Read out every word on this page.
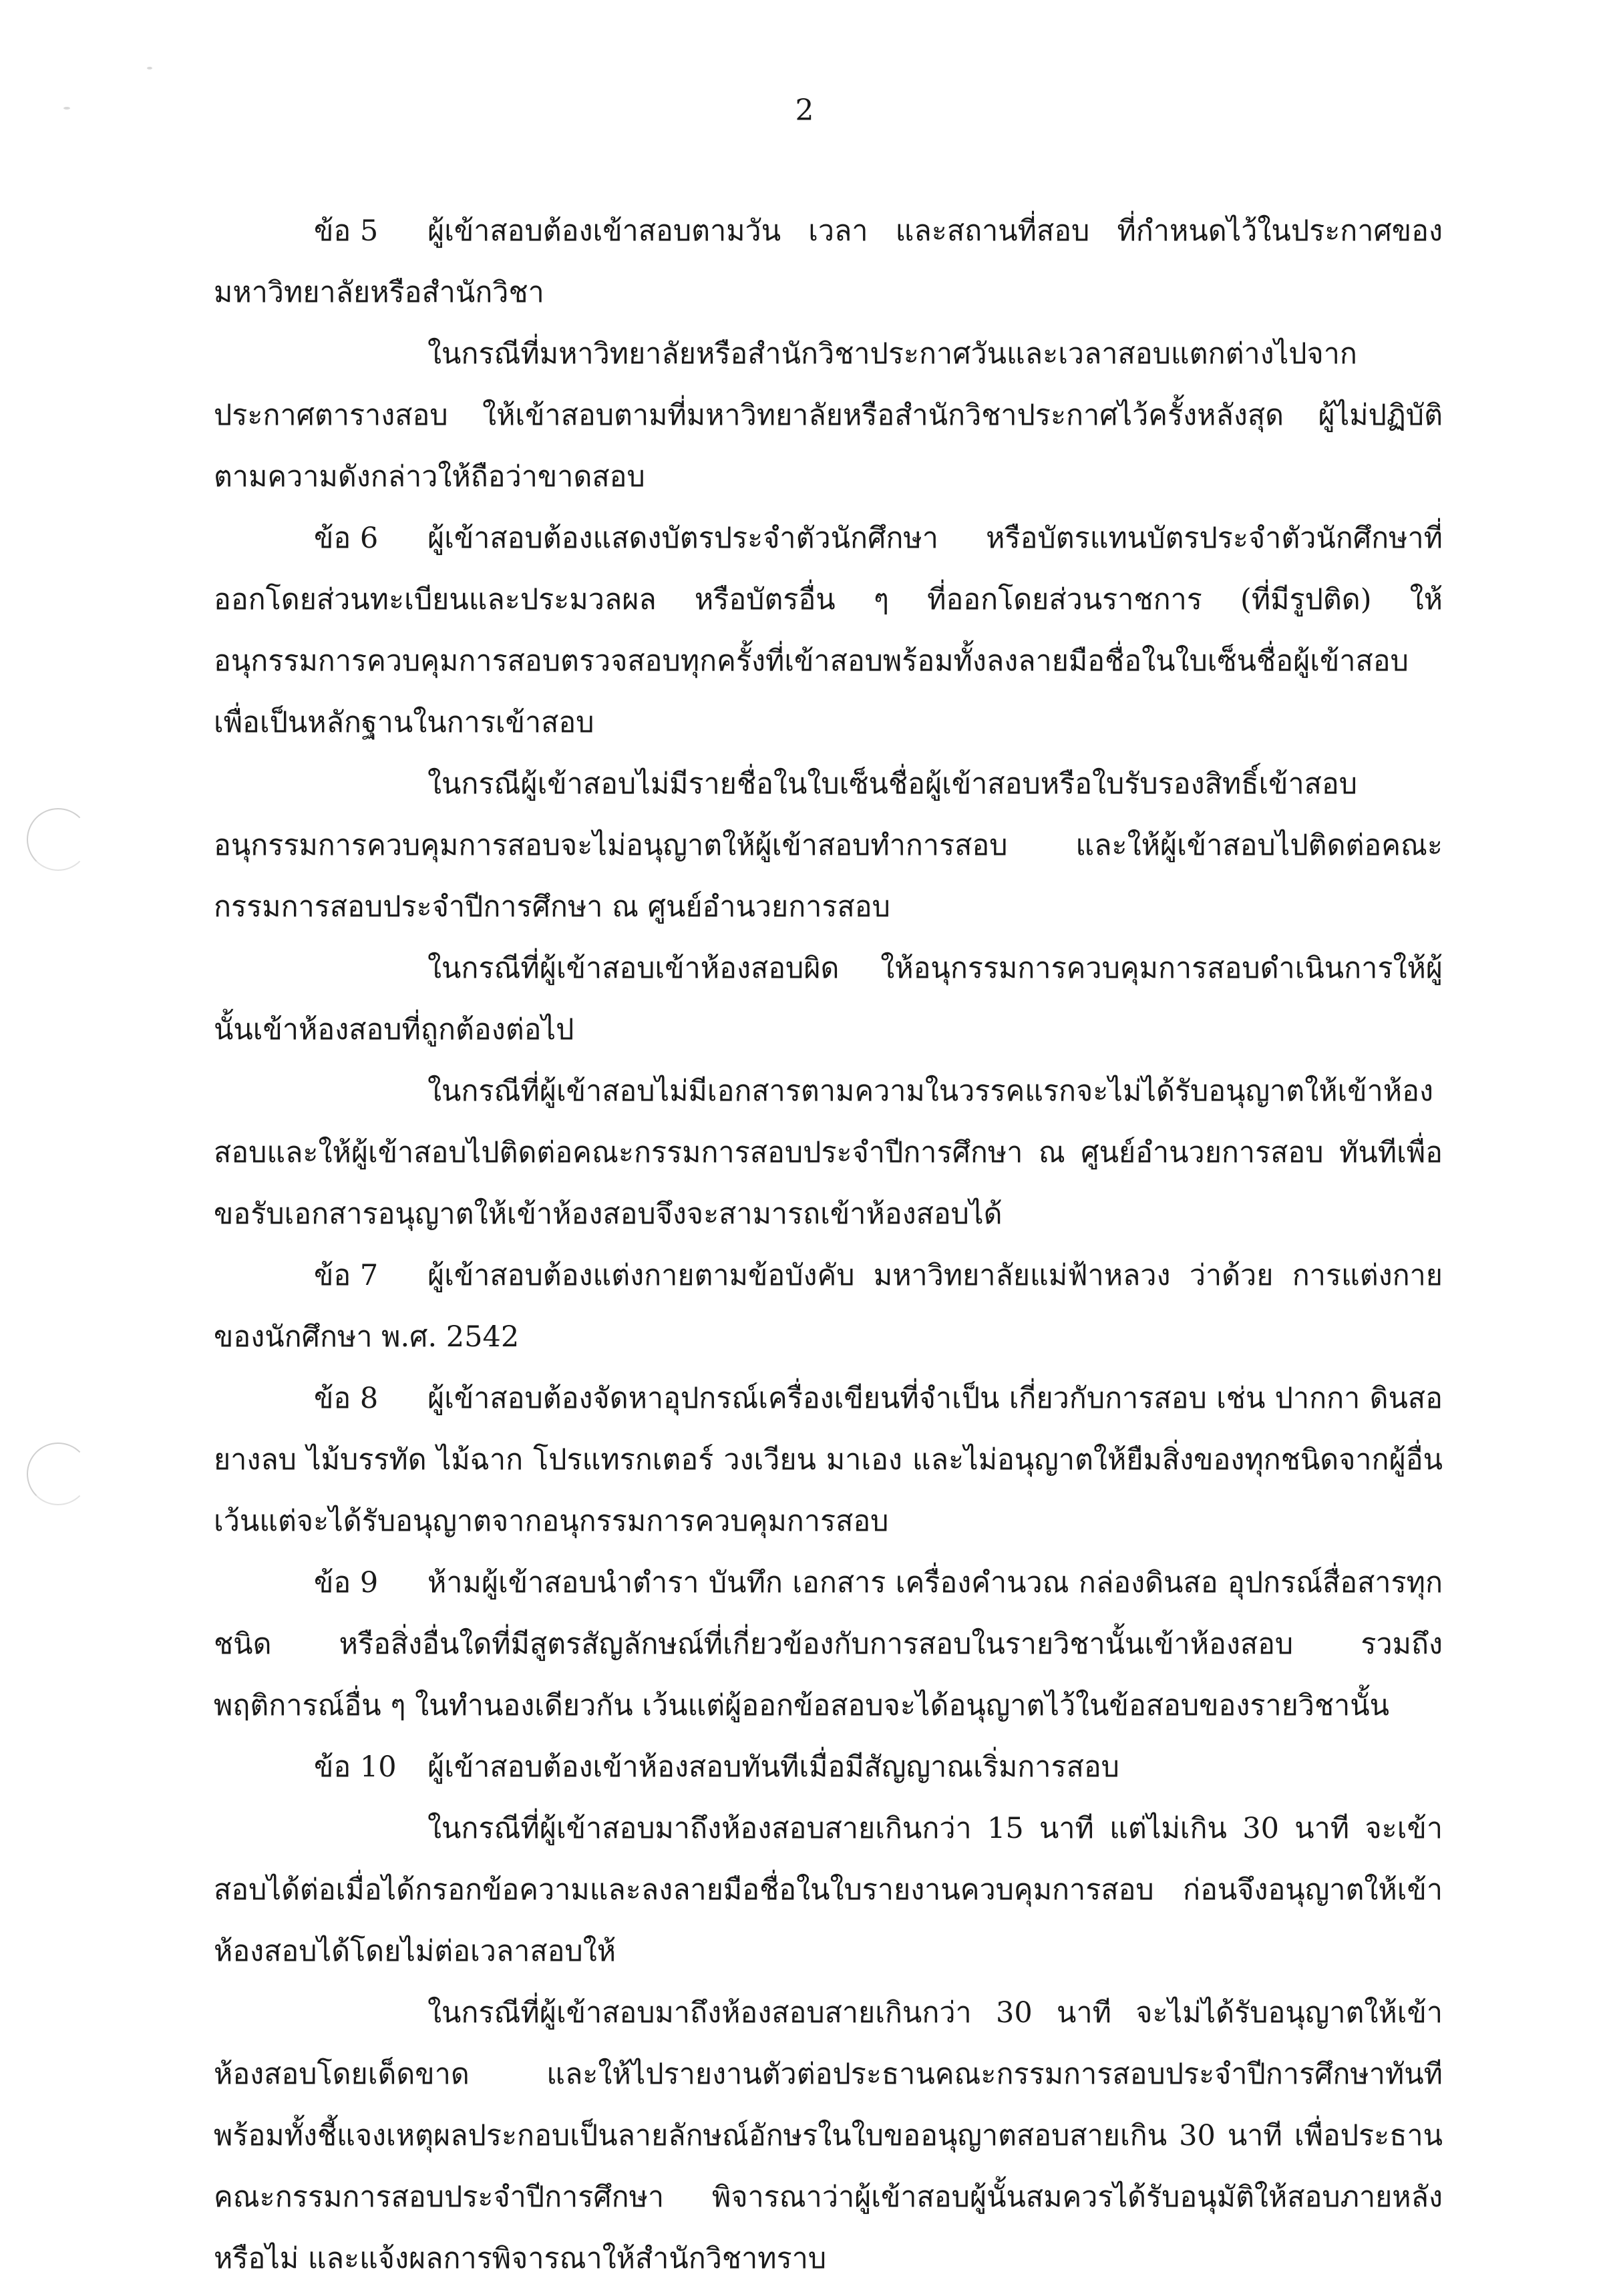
2

ข้อ 5 ผู้เข้าสอบต้องเข้าสอบตามวัน เวลา และสถานที่สอบ ที่กำหนดไว้ในประกาศของมหาวิทยาลัยหรือสำนักวิชา

ในกรณีที่มหาวิทยาลัยหรือสำนักวิชาประกาศวันและเวลาสอบแตกต่างไปจากประกาศตารางสอบ ให้เข้าสอบตามที่มหาวิทยาลัยหรือสำนักวิชาประกาศไว้ครั้งหลังสุด ผู้ไม่ปฏิบัติตามความดังกล่าวให้ถือว่าขาดสอบ

ข้อ 6 ผู้เข้าสอบต้องแสดงบัตรประจำตัวนักศึกษา หรือบัตรแทนบัตรประจำตัวนักศึกษาที่ออกโดยส่วนทะเบียนและประมวลผล หรือบัตรอื่น ๆ ที่ออกโดยส่วนราชการ (ที่มีรูปติด) ให้อนุกรรมการควบคุมการสอบตรวจสอบทุกครั้งที่เข้าสอบพร้อมทั้งลงลายมือชื่อในใบเซ็นชื่อผู้เข้าสอบ เพื่อเป็นหลักฐานในการเข้าสอบ

ในกรณีผู้เข้าสอบไม่มีรายชื่อในใบเซ็นชื่อผู้เข้าสอบหรือใบรับรองสิทธิ์เข้าสอบอนุกรรมการควบคุมการสอบจะไม่อนุญาตให้ผู้เข้าสอบทำการสอบ และให้ผู้เข้าสอบไปติดต่อคณะกรรมการสอบประจำปีการศึกษา ณ ศูนย์อำนวยการสอบ

ในกรณีที่ผู้เข้าสอบเข้าห้องสอบผิด ให้อนุกรรมการควบคุมการสอบดำเนินการให้ผู้นั้นเข้าห้องสอบที่ถูกต้องต่อไป

ในกรณีที่ผู้เข้าสอบไม่มีเอกสารตามความในวรรคแรกจะไม่ได้รับอนุญาตให้เข้าห้องสอบและให้ผู้เข้าสอบไปติดต่อคณะกรรมการสอบประจำปีการศึกษา ณ ศูนย์อำนวยการสอบ ทันทีเพื่อขอรับเอกสารอนุญาตให้เข้าห้องสอบจึงจะสามารถเข้าห้องสอบได้

ข้อ 7 ผู้เข้าสอบต้องแต่งกายตามข้อบังคับ มหาวิทยาลัยแม่ฟ้าหลวง ว่าด้วย การแต่งกายของนักศึกษา พ.ศ. 2542

ข้อ 8 ผู้เข้าสอบต้องจัดหาอุปกรณ์เครื่องเขียนที่จำเป็น เกี่ยวกับการสอบ เช่น ปากกา ดินสอ ยางลบ ไม้บรรทัด ไม้ฉาก โปรแทรกเตอร์ วงเวียน มาเอง และไม่อนุญาตให้ยืมสิ่งของทุกชนิดจากผู้อื่น เว้นแต่จะได้รับอนุญาตจากอนุกรรมการควบคุมการสอบ

ข้อ 9 ห้ามผู้เข้าสอบนำตำรา บันทึก เอกสาร เครื่องคำนวณ กล่องดินสอ อุปกรณ์สื่อสารทุกชนิด หรือสิ่งอื่นใดที่มีสูตรสัญลักษณ์ที่เกี่ยวข้องกับการสอบในรายวิชานั้นเข้าห้องสอบ รวมถึงพฤติการณ์อื่น ๆ ในทำนองเดียวกัน เว้นแต่ผู้ออกข้อสอบจะได้อนุญาตไว้ในข้อสอบของรายวิชานั้น

ข้อ 10 ผู้เข้าสอบต้องเข้าห้องสอบทันทีเมื่อมีสัญญาณเริ่มการสอบ

ในกรณีที่ผู้เข้าสอบมาถึงห้องสอบสายเกินกว่า 15 นาที แต่ไม่เกิน 30 นาที จะเข้าสอบได้ต่อเมื่อได้กรอกข้อความและลงลายมือชื่อในใบรายงานควบคุมการสอบ ก่อนจึงอนุญาตให้เข้าห้องสอบได้โดยไม่ต่อเวลาสอบให้

ในกรณีที่ผู้เข้าสอบมาถึงห้องสอบสายเกินกว่า 30 นาที จะไม่ได้รับอนุญาตให้เข้าห้องสอบโดยเด็ดขาด และให้ไปรายงานตัวต่อประธานคณะกรรมการสอบประจำปีการศึกษาทันที พร้อมทั้งชี้แจงเหตุผลประกอบเป็นลายลักษณ์อักษรในใบขออนุญาตสอบสายเกิน 30 นาที เพื่อประธานคณะกรรมการสอบประจำปีการศึกษา พิจารณาว่าผู้เข้าสอบผู้นั้นสมควรได้รับอนุมัติให้สอบภายหลังหรือไม่ และแจ้งผลการพิจารณาให้สำนักวิชาทราบ
